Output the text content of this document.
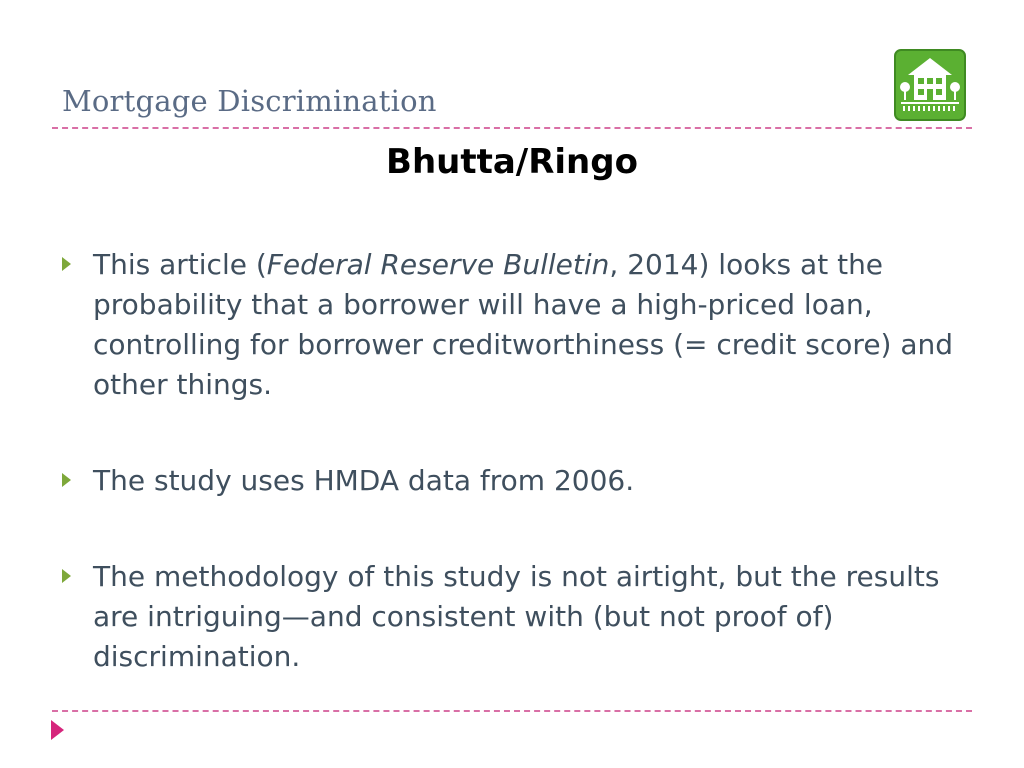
Mortgage Discrimination
Bhutta/Ringo
This article (Federal Reserve Bulletin, 2014) looks at the probability that a borrower will have a high-priced loan, controlling for borrower creditworthiness (= credit score) and other things.
The study uses HMDA data from 2006.
The methodology of this study is not airtight, but the results are intriguing—and consistent with (but not proof of) discrimination.
